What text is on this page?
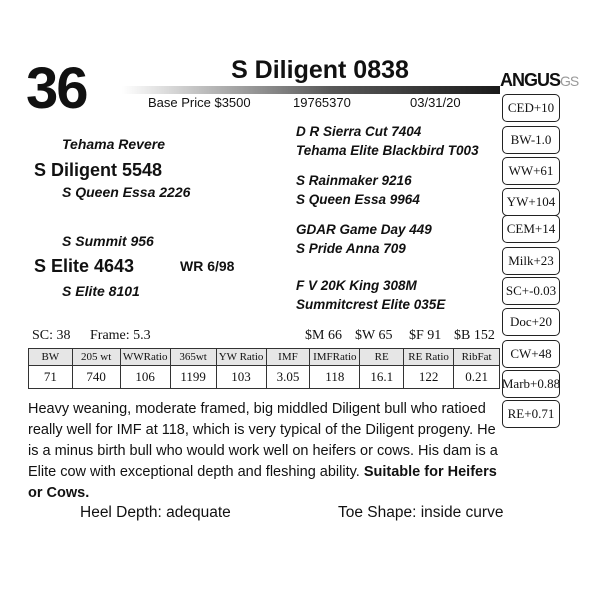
36	S Diligent 0838
Base Price $3500	19765370	03/31/20
ANGUSGS
CED+10
BW-1.0
WW+61
YW+104
CEM+14
Milk+23
SC+-0.03
Doc+20
CW+48
Marb+0.88
RE+0.71
Tehama Revere
S Diligent 5548
S Queen Essa 2226
S Summit 956
S Elite 4643	WR 6/98
S Elite 8101
D R Sierra Cut 7404
Tehama Elite Blackbird T003
S Rainmaker 9216
S Queen Essa 9964
GDAR Game Day 449
S Pride Anna 709
F V 20K King 308M
Summitcrest Elite 035E
SC: 38 Frame: 5.3	$M 66 $W 65 $F 91 $B 152
BW	205 wt	WWRatio	365wt	YW Ratio	IMF	IMFRatio	RE	RE Ratio	RibFat
71	740	106	1199	103	3.05	118	16.1	122	0.21
Heavy weaning, moderate framed, big middled Diligent bull who ratioed really well for IMF at 118, which is very typical of the Diligent progeny. He is a minus birth bull who would work well on heifers or cows. His dam is a Elite cow with exceptional depth and fleshing ability. Suitable for Heifers or Cows.
Heel Depth: adequate	Toe Shape: inside curve
